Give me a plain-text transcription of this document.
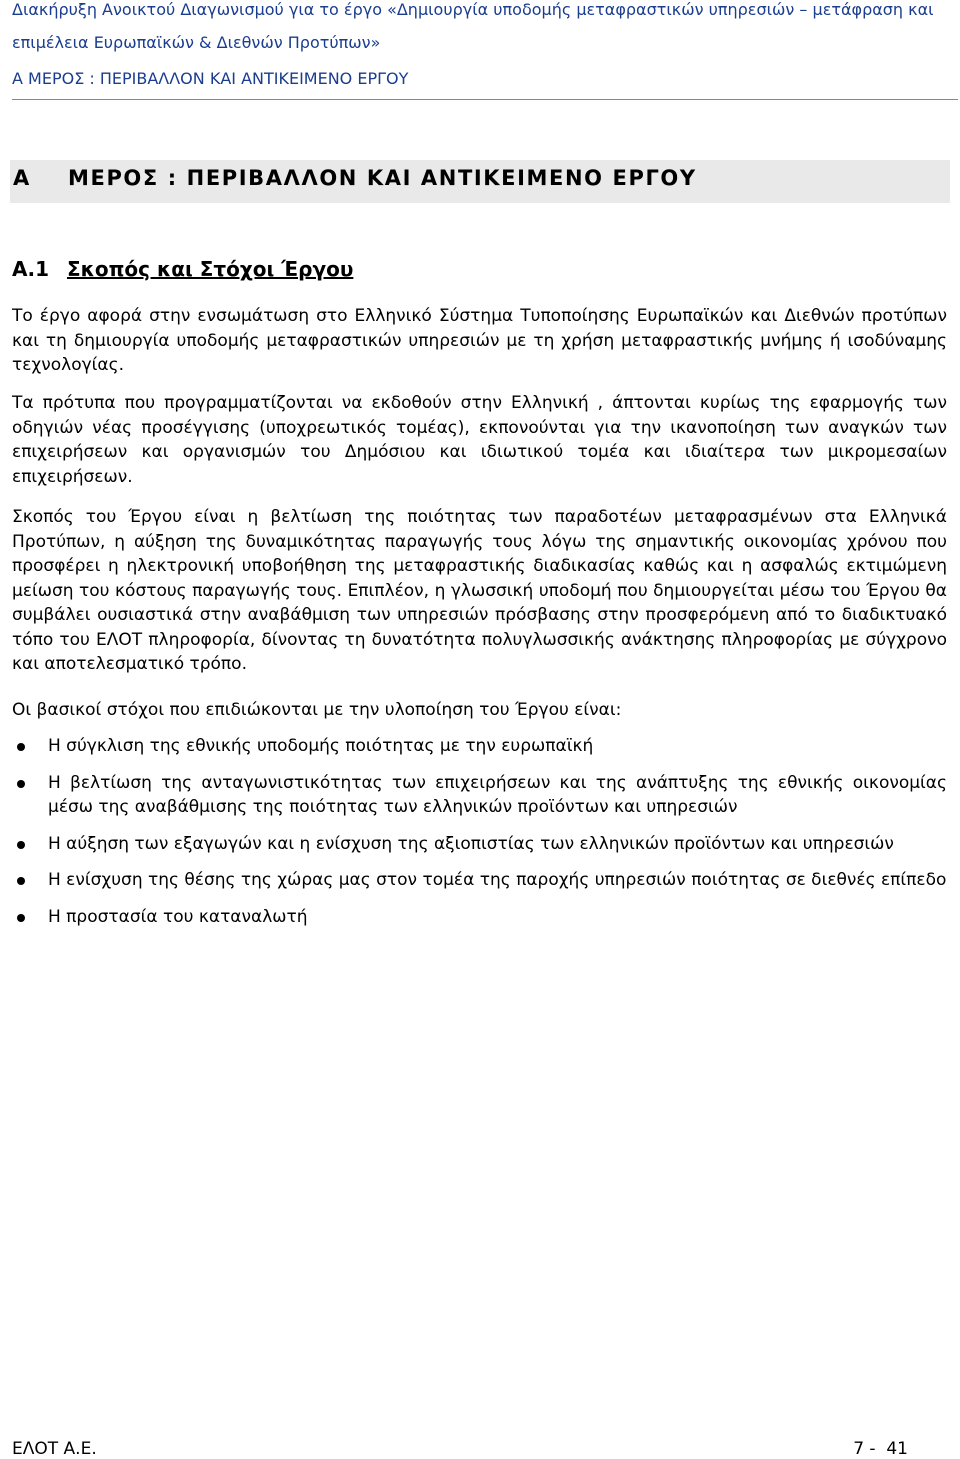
Διακήρυξη Ανοικτού Διαγωνισμού για το έργο «Δημιουργία υποδομής μεταφραστικών υπηρεσιών – μετάφραση και
επιμέλεια Ευρωπαϊκών & Διεθνών Προτύπων»
Α ΜΕΡΟΣ : ΠΕΡΙΒΑΛΛΟΝ ΚΑΙ ΑΝΤΙΚΕΙΜΕΝΟ ΕΡΓΟΥ
Α ΜΕΡΟΣ : ΠΕΡΙΒΑΛΛΟΝ ΚΑΙ ΑΝΤΙΚΕΙΜΕΝΟ ΕΡΓΟΥ
Α.1 Σκοπός και Στόχοι Έργου

Το έργο αφορά στην ενσωμάτωση στο Ελληνικό Σύστημα Τυποποίησης Ευρωπαϊκών και Διεθνών προτύπων και τη δημιουργία υποδομής μεταφραστικών υπηρεσιών με τη χρήση μεταφραστικής μνήμης ή ισοδύναμης τεχνολογίας.

Τα πρότυπα που προγραμματίζονται να εκδοθούν στην Ελληνική , άπτονται κυρίως της εφαρμογής των οδηγιών νέας προσέγγισης (υποχρεωτικός τομέας), εκπονούνται για την ικανοποίηση των αναγκών των επιχειρήσεων και οργανισμών του Δημόσιου και ιδιωτικού τομέα και ιδιαίτερα των μικρομεσαίων επιχειρήσεων.

Σκοπός του Έργου είναι η βελτίωση της ποιότητας των παραδοτέων μεταφρασμένων στα Ελληνικά Προτύπων, η αύξηση της δυναμικότητας παραγωγής τους λόγω της σημαντικής οικονομίας χρόνου που προσφέρει η ηλεκτρονική υποβοήθηση της μεταφραστικής διαδικασίας καθώς και η ασφαλώς εκτιμώμενη μείωση του κόστους παραγωγής τους. Επιπλέον, η γλωσσική υποδομή που δημιουργείται μέσω του Έργου θα συμβάλει ουσιαστικά στην αναβάθμιση των υπηρεσιών πρόσβασης στην προσφερόμενη από το διαδικτυακό τόπο του ΕΛΟΤ πληροφορία, δίνοντας τη δυνατότητα πολυγλωσσικής ανάκτησης πληροφορίας με σύγχρονο και αποτελεσματικό τρόπο.

Οι βασικοί στόχοι που επιδιώκονται με την υλοποίηση του Έργου είναι:

Η σύγκλιση της εθνικής υποδομής ποιότητας με την ευρωπαϊκή
Η βελτίωση της ανταγωνιστικότητας των επιχειρήσεων και της ανάπτυξης της εθνικής οικονομίας μέσω της αναβάθμισης της ποιότητας των ελληνικών προϊόντων και υπηρεσιών
Η αύξηση των εξαγωγών και η ενίσχυση της αξιοπιστίας των ελληνικών προϊόντων και υπηρεσιών
Η ενίσχυση της θέσης της χώρας μας στον τομέα της παροχής υπηρεσιών ποιότητας σε διεθνές επίπεδο
Η προστασία του καταναλωτή
ΕΛΟΤ Α.Ε.	7 -  41
